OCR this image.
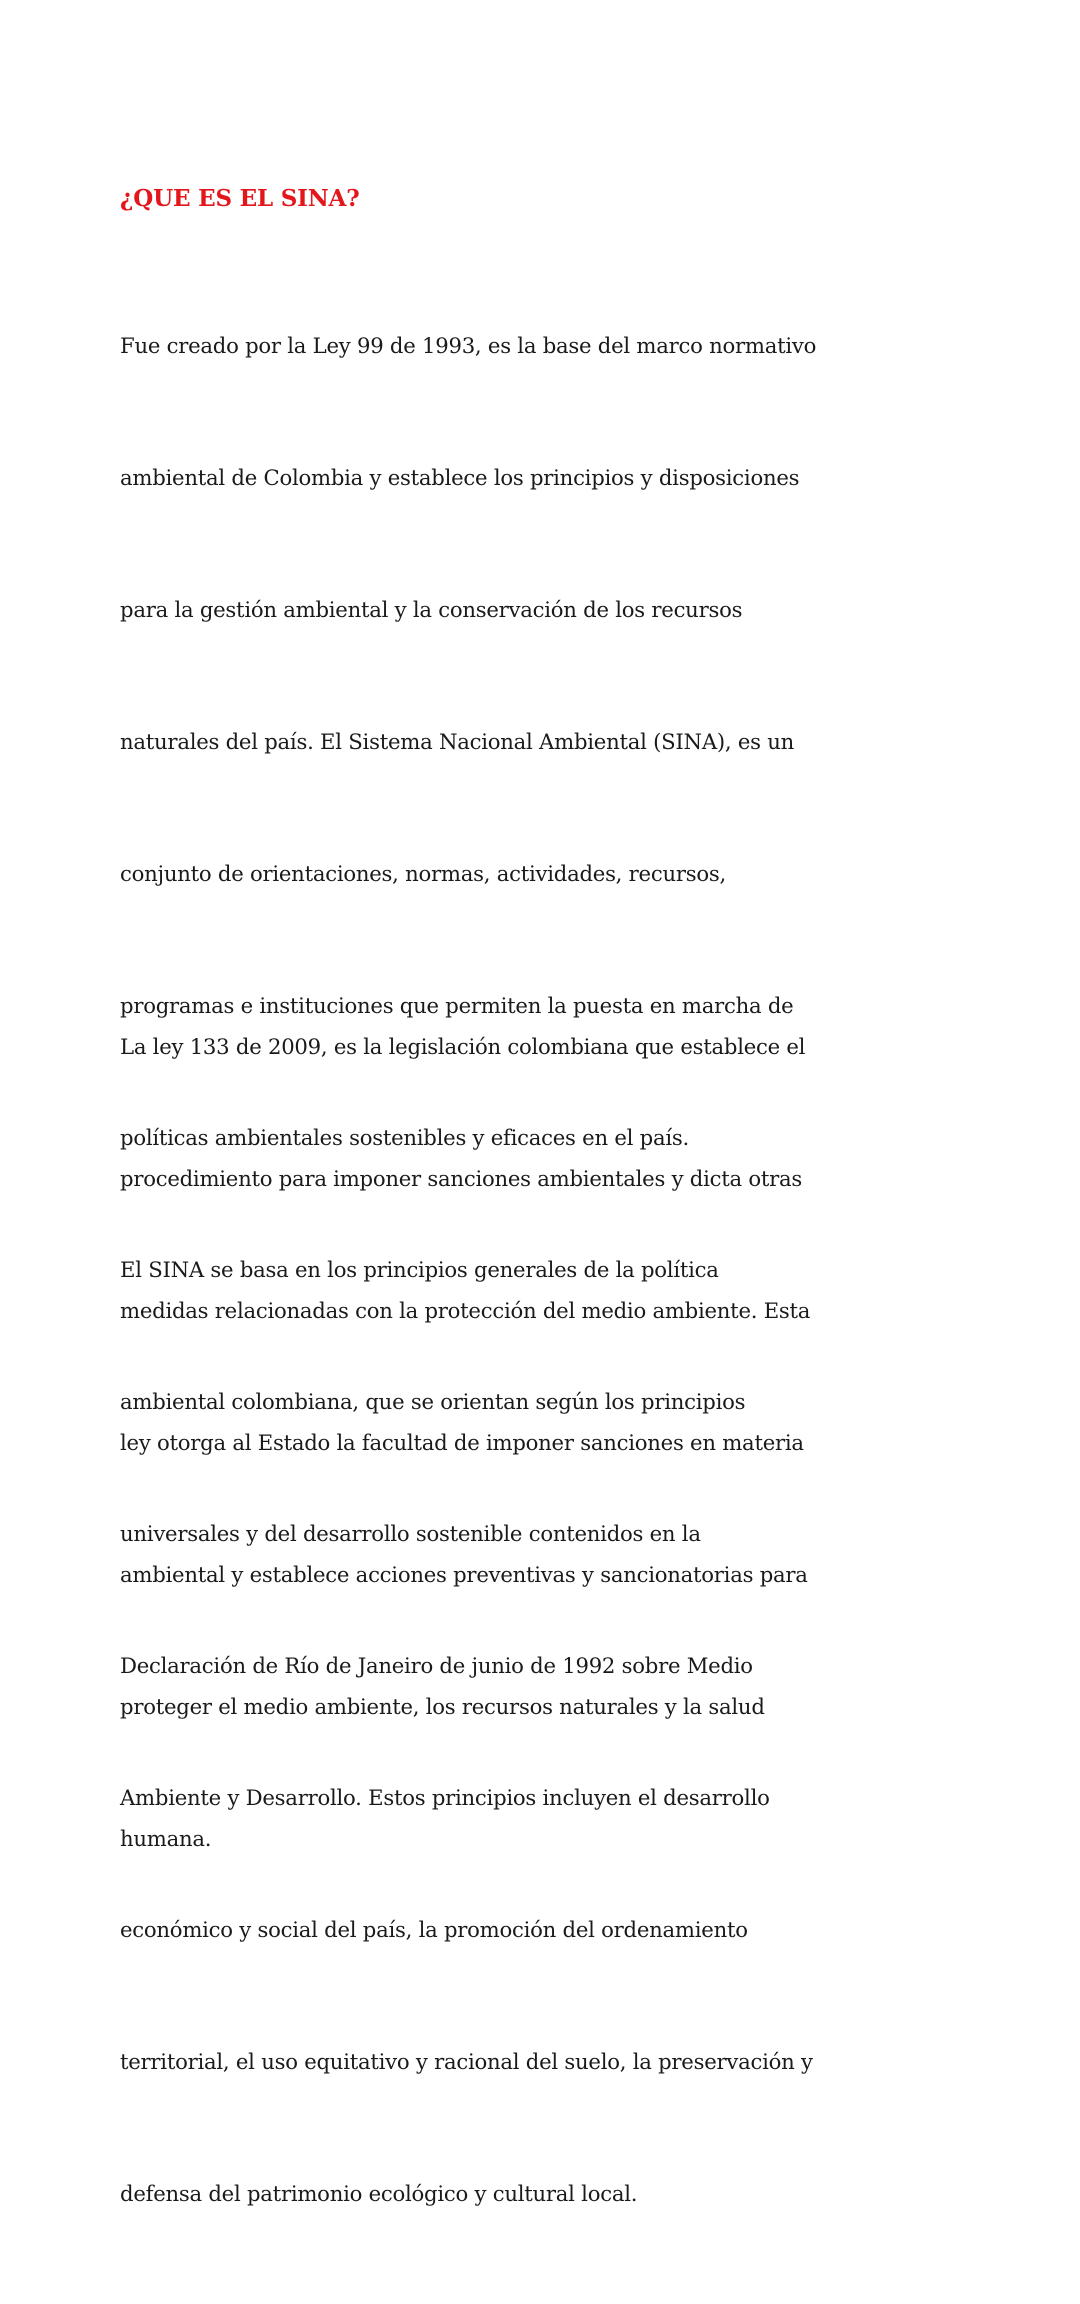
¿QUE ES EL SINA?

Fue creado por la Ley 99 de 1993, es la base del marco normativo

ambiental de Colombia y establece los principios y disposiciones

para la gestión ambiental y la conservación de los recursos

naturales del país. El Sistema Nacional Ambiental (SINA), es un

conjunto de orientaciones, normas, actividades, recursos,

programas e instituciones que permiten la puesta en marcha de

políticas ambientales sostenibles y eficaces en el país.

El SINA se basa en los principios generales de la política

ambiental colombiana, que se orientan según los principios

universales y del desarrollo sostenible contenidos en la

Declaración de Río de Janeiro de junio de 1992 sobre Medio

Ambiente y Desarrollo. Estos principios incluyen el desarrollo

económico y social del país, la promoción del ordenamiento

territorial, el uso equitativo y racional del suelo, la preservación y

defensa del patrimonio ecológico y cultural local.

La ley 133 de 2009, es la legislación colombiana que establece el

procedimiento para imponer sanciones ambientales y dicta otras

medidas relacionadas con la protección del medio ambiente. Esta

ley otorga al Estado la facultad de imponer sanciones en materia

ambiental y establece acciones preventivas y sancionatorias para

proteger el medio ambiente, los recursos naturales y la salud

humana.
